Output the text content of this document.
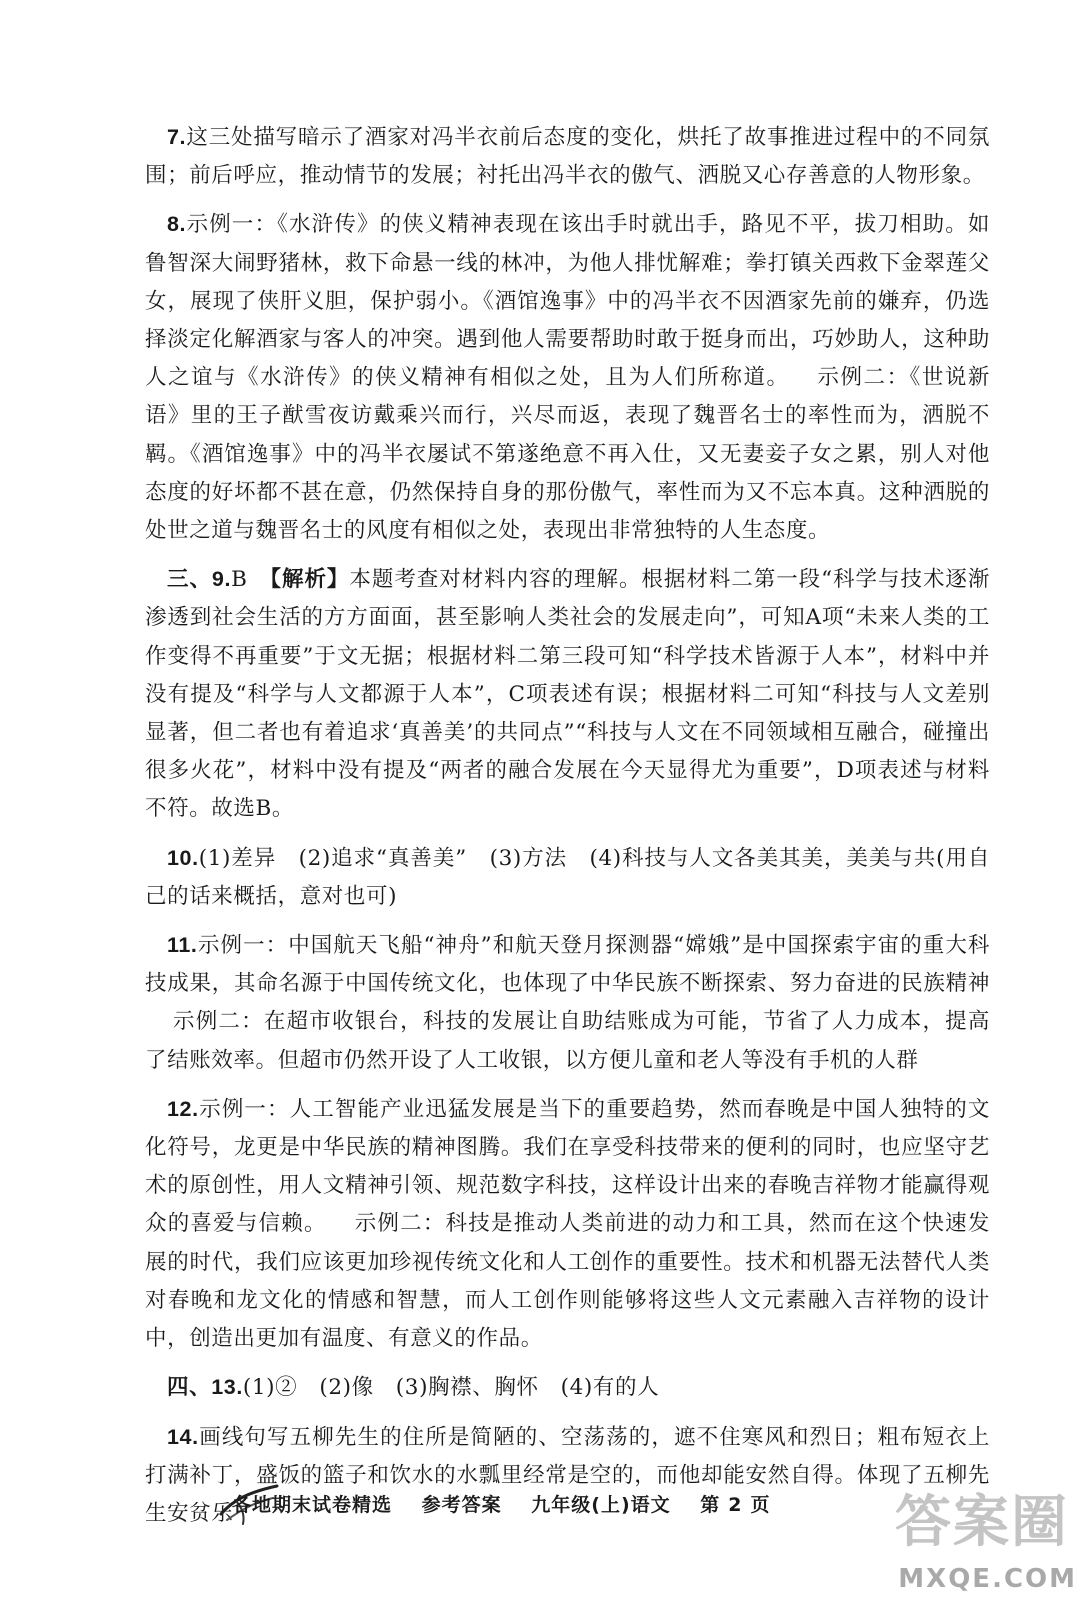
7.这三处描写暗示了酒家对冯半衣前后态度的变化，烘托了故事推进过程中的不同氛围；前后呼应，推动情节的发展；衬托出冯半衣的傲气、洒脱又心存善意的人物形象。

8.示例一：《水浒传》的侠义精神表现在该出手时就出手，路见不平，拔刀相助。如鲁智深大闹野猪林，救下命悬一线的林冲，为他人排忧解难；拳打镇关西救下金翠莲父女，展现了侠肝义胆，保护弱小。《酒馆逸事》中的冯半衣不因酒家先前的嫌弃，仍选择淡定化解酒家与客人的冲突。遇到他人需要帮助时敢于挺身而出，巧妙助人，这种助人之谊与《水浒传》的侠义精神有相似之处，且为人们所称道。 示例二：《世说新语》里的王子猷雪夜访戴乘兴而行，兴尽而返，表现了魏晋名士的率性而为，洒脱不羁。《酒馆逸事》中的冯半衣屡试不第遂绝意不再入仕，又无妻妾子女之累，别人对他态度的好坏都不甚在意，仍然保持自身的那份傲气，率性而为又不忘本真。这种洒脱的处世之道与魏晋名士的风度有相似之处，表现出非常独特的人生态度。

三、9.B　 【解析】本题考查对材料内容的理解。根据材料二第一段“科学与技术逐渐渗透到社会生活的方方面面，甚至影响人类社会的发展走向”，可知A项“未来人类的工作变得不再重要”于文无据；根据材料二第三段可知“科学技术皆源于人本”，材料中并没有提及“科学与人文都源于人本”，C项表述有误；根据材料二可知“科技与人文差别显著，但二者也有着追求‘真善美’的共同点”“科技与人文在不同领域相互融合，碰撞出很多火花”，材料中没有提及“两者的融合发展在今天显得尤为重要”，D项表述与材料不符。故选B。

10.(1)差异　(2)追求“真善美”　(3)方法　(4)科技与人文各美其美，美美与共(用自己的话来概括，意对也可)

11.示例一：中国航天飞船“神舟”和航天登月探测器“嫦娥”是中国探索宇宙的重大科技成果，其命名源于中国传统文化，也体现了中华民族不断探索、努力奋进的民族精神示例二：在超市收银台，科技的发展让自助结账成为可能，节省了人力成本，提高了结账效率。但超市仍然开设了人工收银，以方便儿童和老人等没有手机的人群

12.示例一：人工智能产业迅猛发展是当下的重要趋势，然而春晚是中国人独特的文化符号，龙更是中华民族的精神图腾。我们在享受科技带来的便利的同时，也应坚守艺术的原创性，用人文精神引领、规范数字科技，这样设计出来的春晚吉祥物才能赢得观众的喜爱与信赖。 示例二：科技是推动人类前进的动力和工具，然而在这个快速发展的时代，我们应该更加珍视传统文化和人工创作的重要性。技术和机器无法替代人类对春晚和龙文化的情感和智慧，而人工创作则能够将这些人文元素融入吉祥物的设计中，创造出更加有温度、有意义的作品。

四、13.(1)②　(2)像　(3)胸襟、胸怀　(4)有的人

14.画线句写五柳先生的住所是简陋的、空荡荡的，遮不住寒风和烈日；粗布短衣上打满补丁，盛饭的篮子和饮水的水瓢里经常是空的，而他却能安然自得。体现了五柳先生安贫乐

各地期末试卷精选 参考答案 九年级(上)语文 第 2 页	答案圈
MXQE.COM
